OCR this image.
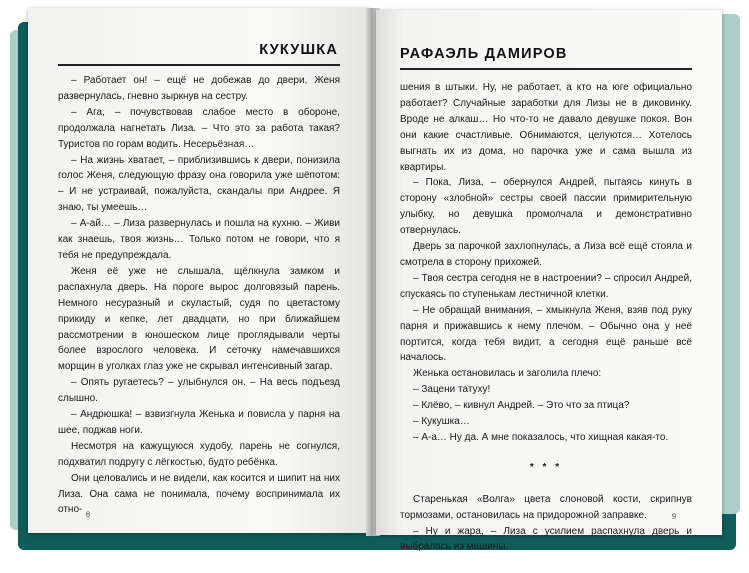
КУКУШКА

– Работает он! – ещё не добежав до двери, Женя развернулась, гневно зыркнув на сестру.

– Ага, – почувствовав слабое место в обороне, продолжала нагнетать Лиза. – Что это за работа такая? Туристов по горам водить. Несерьёзная…

– На жизнь хватает, – приблизившись к двери, понизила голос Женя, следующую фразу она говорила уже шёпотом: – И не устраивай, пожалуйста, скандалы при Андрее. Я знаю, ты умеешь…

– А-ай… – Лиза развернулась и пошла на кухню. – Живи как знаешь, твоя жизнь… Только потом не говори, что я тебя не предупреждала.

Женя её уже не слышала, щёлкнула замком и распахнула дверь. На пороге вырос долговязый парень. Немного несуразный и скуластый, судя по цветастому прикиду и кепке, лет двадцати, но при ближайшем рассмотрении в юношеском лице проглядывали черты более взрослого человека. И сеточку намечавшихся морщин в уголках глаз уже не скрывал интенсивный загар.

– Опять ругаетесь? – улыбнулся он. – На весь подъезд слышно.

– Андрюшка! – взвизгнула Женька и повисла у парня на шее, поджав ноги.

Несмотря на кажущуюся худобу, парень не согнулся, подхватил подругу с лёгкостью, будто ребёнка.

Они целовались и не видели, как косится и шипит на них Лиза. Она сама не понимала, почему воспринимала их отно- 8
РАФАЭЛЬ ДАМИРОВ

шения в штыки. Ну, не работает, а кто на юге официально работает? Случайные заработки для Лизы не в диковинку. Вроде не алкаш… Но что-то не давало девушке покоя. Вон они какие счастливые. Обнимаются, целуются… Хотелось выгнать их из дома, но парочка уже и сама вышла из квартиры.

– Пока, Лиза, – обернулся Андрей, пытаясь кинуть в сторону «злобной» сестры своей пассии примирительную улыбку, но девушка промолчала и демонстративно отвернулась.

Дверь за парочкой захлопнулась, а Лиза всё ещё стояла и смотрела в сторону прихожей.

– Твоя сестра сегодня не в настроении? – спросил Андрей, спускаясь по ступенькам лестничной клетки.

– Не обращай внимания, – хмыкнула Женя, взяв под руку парня и прижавшись к нему плечом. – Обычно она у неё портится, когда тебя видит, а сегодня ещё раньше всё началось.

Женька остановилась и заголила плечо:

– Зацени татуху!

– Клёво, – кивнул Андрей. – Это что за птица?

– Кукушка…

– А-а… Ну да. А мне показалось, что хищная какая-то.

* * *

Старенькая «Волга» цвета слоновой кости, скрипнув тормозами, остановилась на придорожной заправке.

– Ну и жара, – Лиза с усилием распахнула дверь и выбралась из машины.

9
